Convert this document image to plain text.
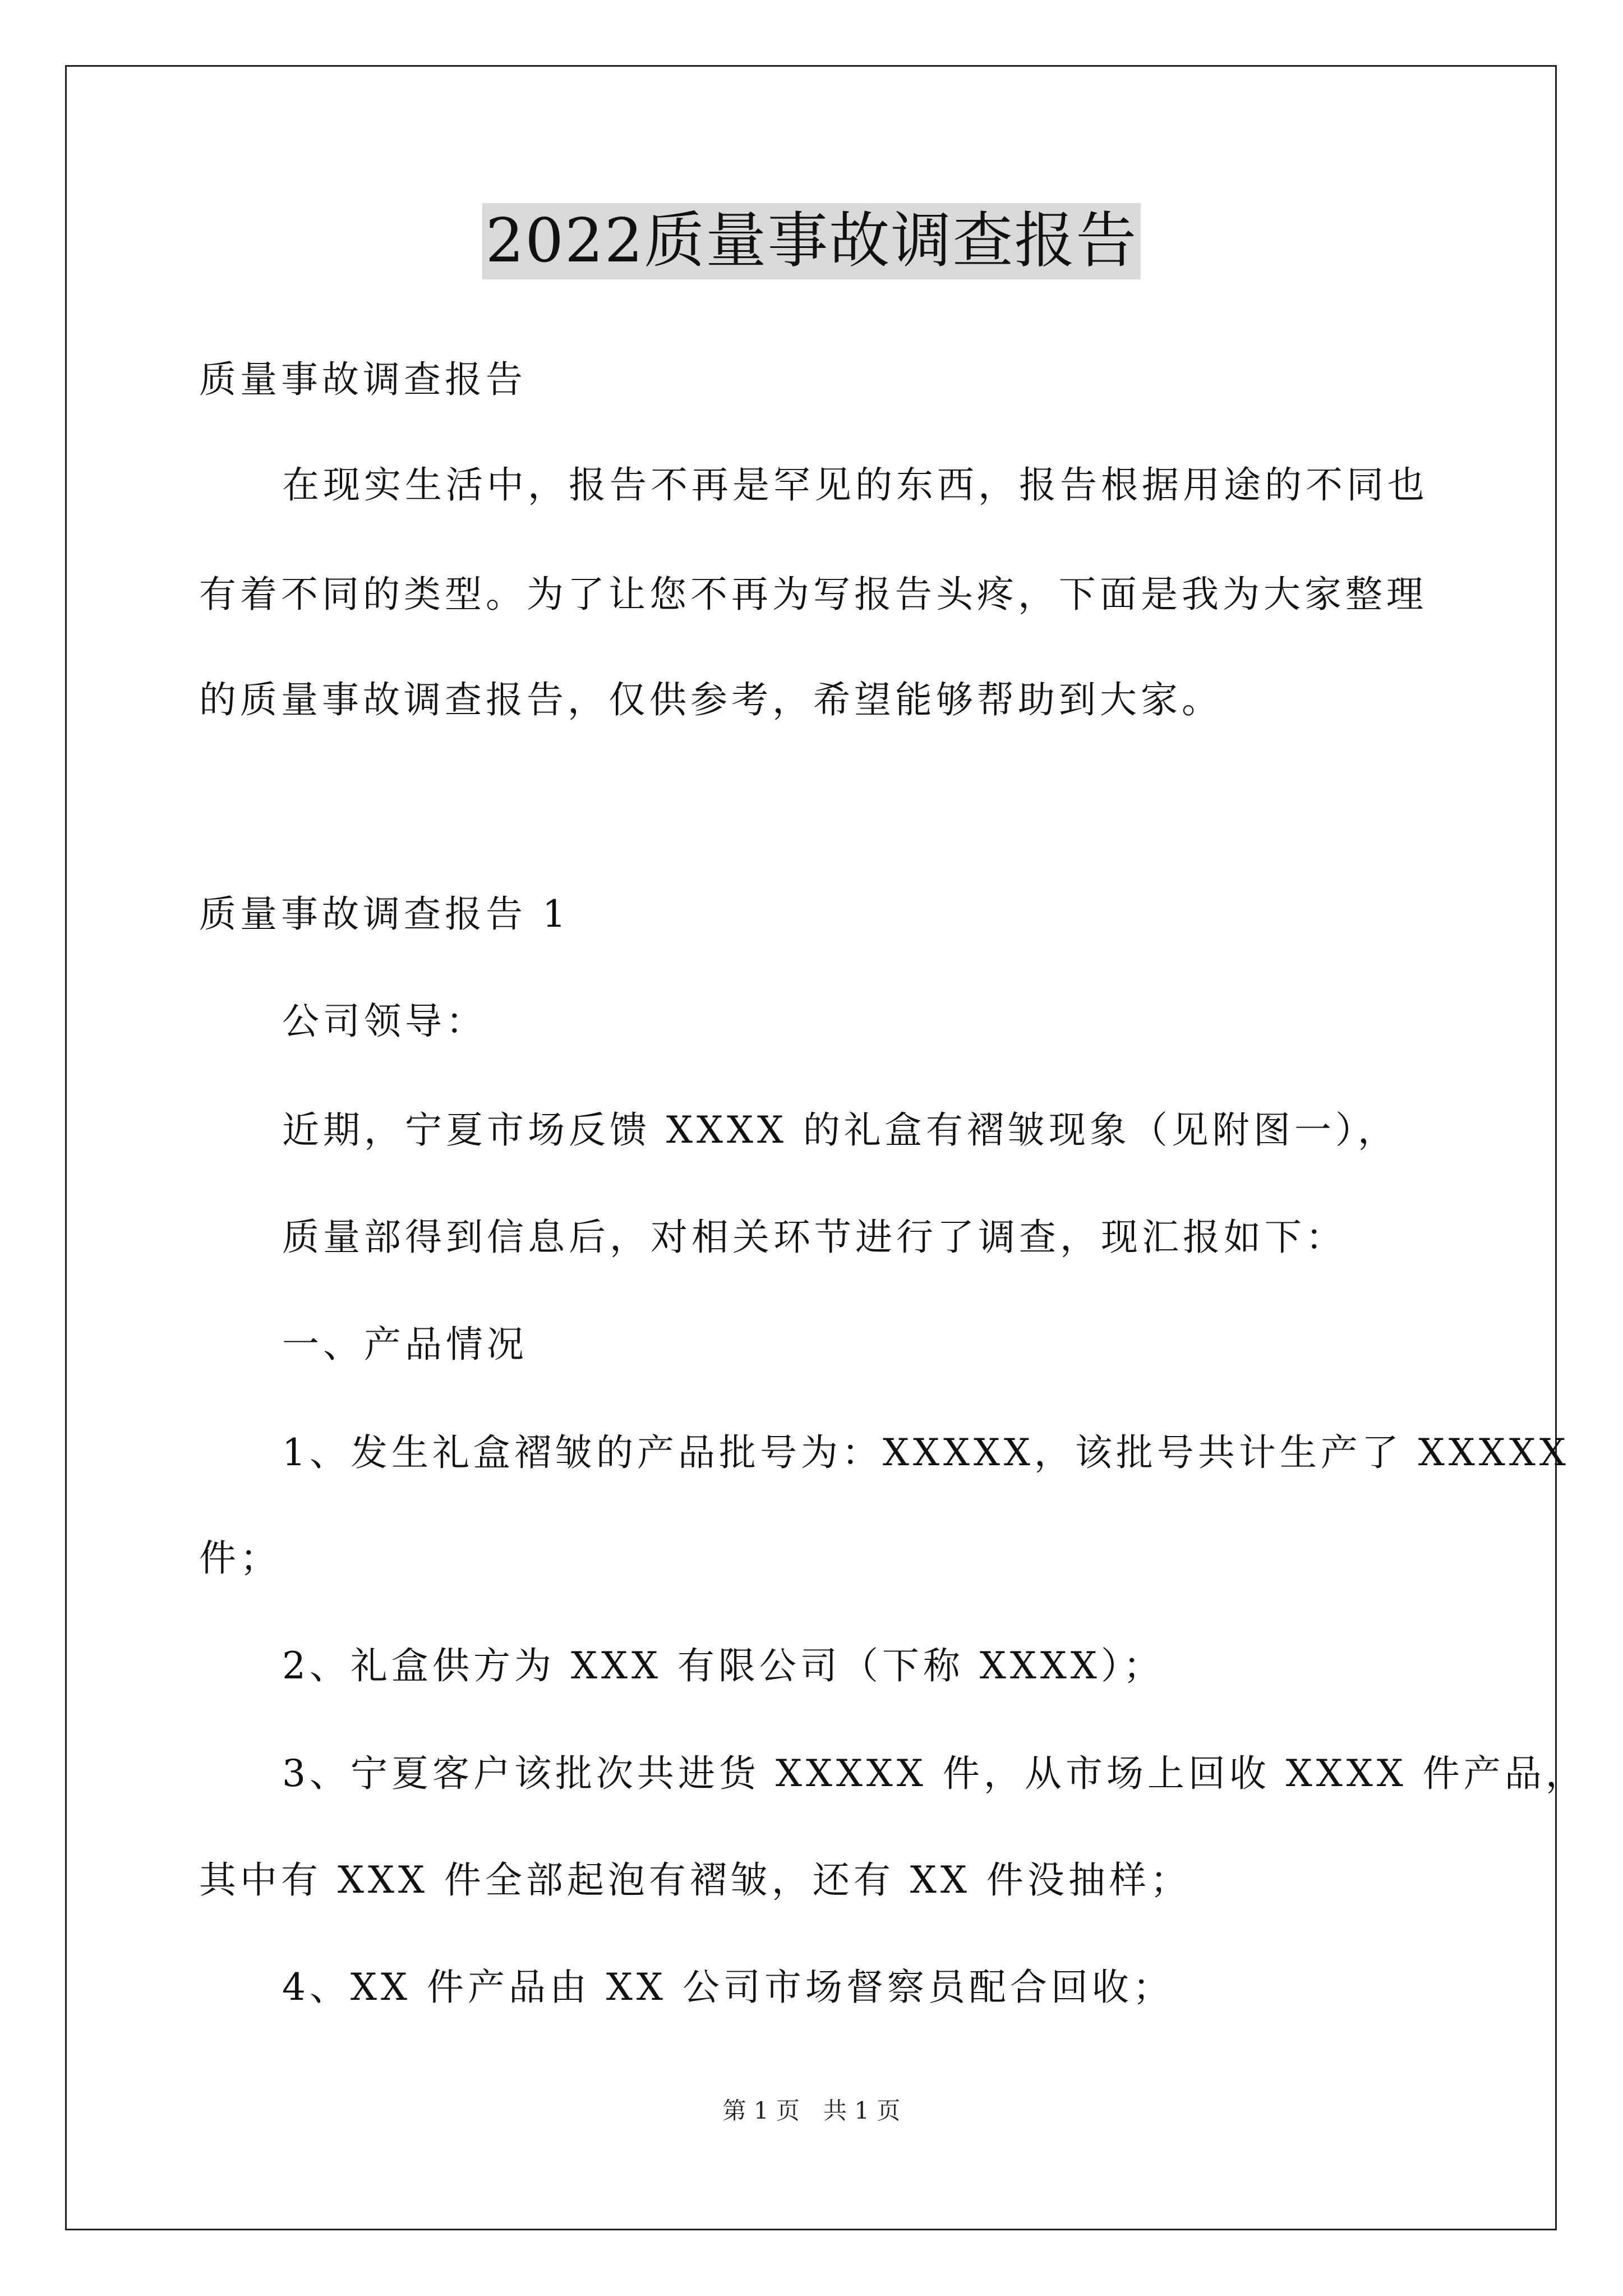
2022质量事故调查报告
质量事故调查报告
在现实生活中，报告不再是罕见的东西，报告根据用途的不同也
有着不同的类型。为了让您不再为写报告头疼，下面是我为大家整理
的质量事故调查报告，仅供参考，希望能够帮助到大家。
质量事故调查报告 1
公司领导：
近期，宁夏市场反馈 XXXX 的礼盒有褶皱现象（见附图一），
质量部得到信息后，对相关环节进行了调查，现汇报如下：
一、产品情况
1、发生礼盒褶皱的产品批号为：XXXXX，该批号共计生产了 XXXXX
件；
2、礼盒供方为 XXX 有限公司（下称 XXXX）；
3、宁夏客户该批次共进货 XXXXX 件，从市场上回收 XXXX 件产品，
其中有 XXX 件全部起泡有褶皱，还有 XX 件没抽样；
4、XX 件产品由 XX 公司市场督察员配合回收；
第 1 页　共 1 页
